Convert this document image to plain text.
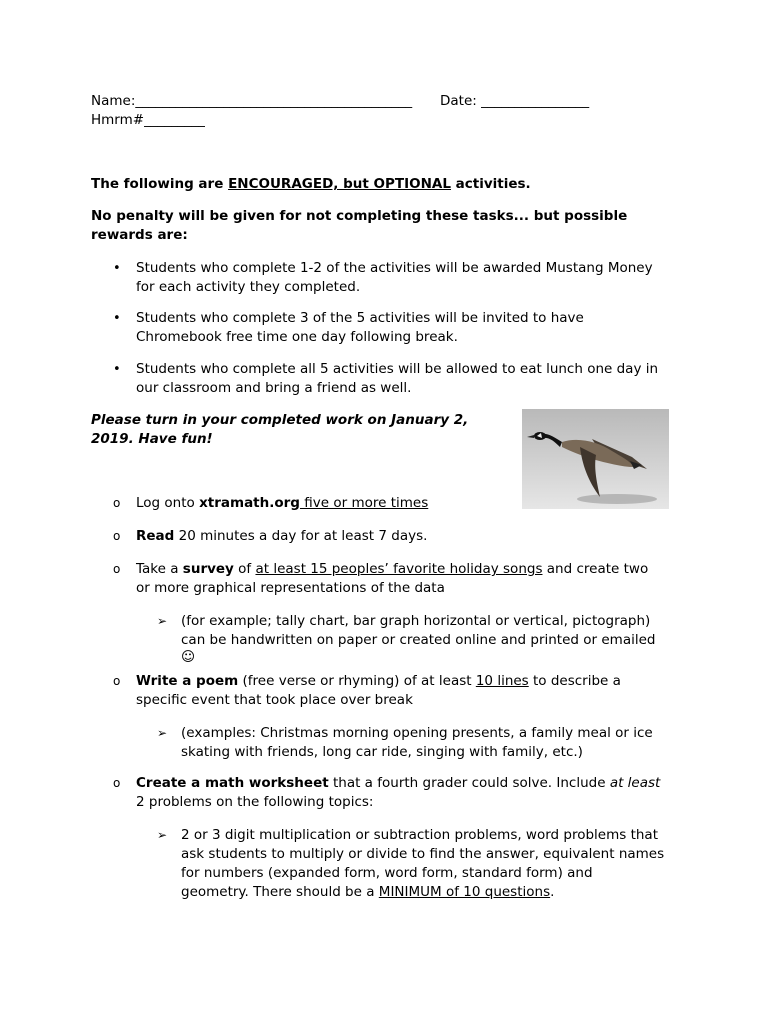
Name:_________________________________________ Date: ________________
Hmrm#_________
The following are ENCOURAGED, but OPTIONAL activities.
No penalty will be given for not completing these tasks... but possible
rewards are:
• Students who complete 1-2 of the activities will be awarded Mustang Money
for each activity they completed.
• Students who complete 3 of the 5 activities will be invited to have
Chromebook free time one day following break.
• Students who complete all 5 activities will be allowed to eat lunch one day in
our classroom and bring a friend as well.
Please turn in your completed work on January 2,
2019. Have fun!
o Log onto xtramath.org five or more times
o Read 20 minutes a day for at least 7 days.
o Take a survey of at least 15 peoples’ favorite holiday songs and create two
or more graphical representations of the data
➢ (for example; tally chart, bar graph horizontal or vertical, pictograph)
can be handwritten on paper or created online and printed or emailed
☺
o Write a poem (free verse or rhyming) of at least 10 lines to describe a
specific event that took place over break
➢ (examples: Christmas morning opening presents, a family meal or ice
skating with friends, long car ride, singing with family, etc.)
o Create a math worksheet that a fourth grader could solve. Include at least
2 problems on the following topics:
➢ 2 or 3 digit multiplication or subtraction problems, word problems that
ask students to multiply or divide to find the answer, equivalent names
for numbers (expanded form, word form, standard form) and
geometry. There should be a MINIMUM of 10 questions.
